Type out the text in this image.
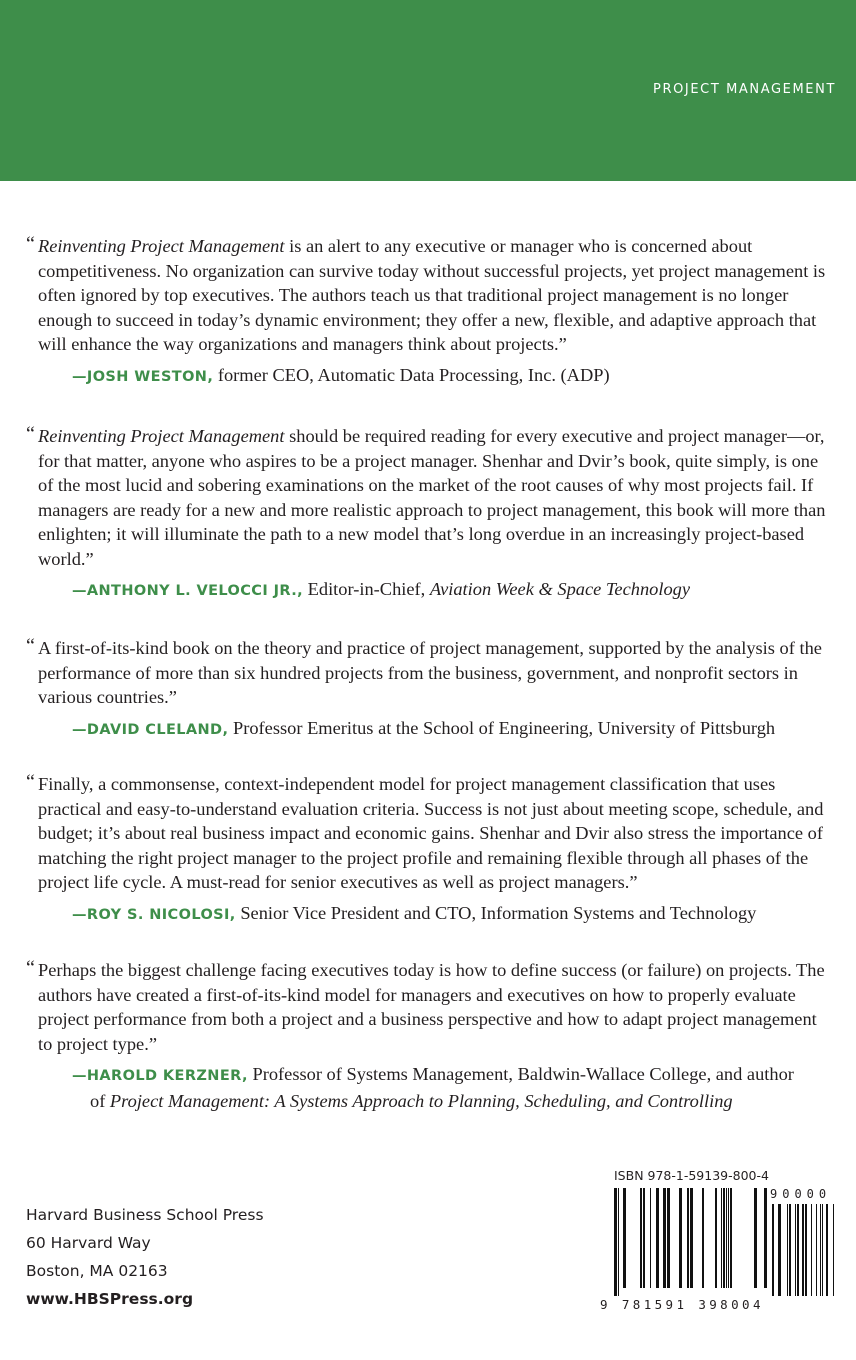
PROJECT MANAGEMENT

“ Reinventing Project Management is an alert to any executive or manager who is concerned about competitiveness. No organization can survive today without successful projects, yet project management is often ignored by top executives. The authors teach us that traditional project management is no longer enough to succeed in today’s dynamic environment; they offer a new, flexible, and adaptive approach that will enhance the way organizations and managers think about projects.”

—JOSH WESTON, former CEO, Automatic Data Processing, Inc. (ADP)

“ Reinventing Project Management should be required reading for every executive and project manager—or, for that matter, anyone who aspires to be a project manager. Shenhar and Dvir’s book, quite simply, is one of the most lucid and sobering examinations on the market of the root causes of why most projects fail. If managers are ready for a new and more realistic approach to project management, this book will more than enlighten; it will illuminate the path to a new model that’s long overdue in an increasingly project-based world.”

—ANTHONY L. VELOCCI JR., Editor-in-Chief, Aviation Week & Space Technology

“ A first-of-its-kind book on the theory and practice of project management, supported by the analysis of the performance of more than six hundred projects from the business, government, and nonprofit sectors in various countries.”

—DAVID CLELAND, Professor Emeritus at the School of Engineering, University of Pittsburgh

“ Finally, a commonsense, context-independent model for project management classification that uses practical and easy-to-understand evaluation criteria. Success is not just about meeting scope, schedule, and budget; it’s about real business impact and economic gains. Shenhar and Dvir also stress the importance of matching the right project manager to the project profile and remaining flexible through all phases of the project life cycle. A must-read for senior executives as well as project managers.”

—ROY S. NICOLOSI, Senior Vice President and CTO, Information Systems and Technology

“ Perhaps the biggest challenge facing executives today is how to define success (or failure) on projects. The authors have created a first-of-its-kind model for managers and executives on how to properly evaluate project performance from both a project and a business perspective and how to adapt project management to project type.”

—HAROLD KERZNER, Professor of Systems Management, Baldwin-Wallace College, and author
of Project Management: A Systems Approach to Planning, Scheduling, and Controlling
Harvard Business School Press
60 Harvard Way
Boston, MA 02163
www.HBSPress.org
ISBN 978-1-59139-800-4
90000
9 781591 398004
